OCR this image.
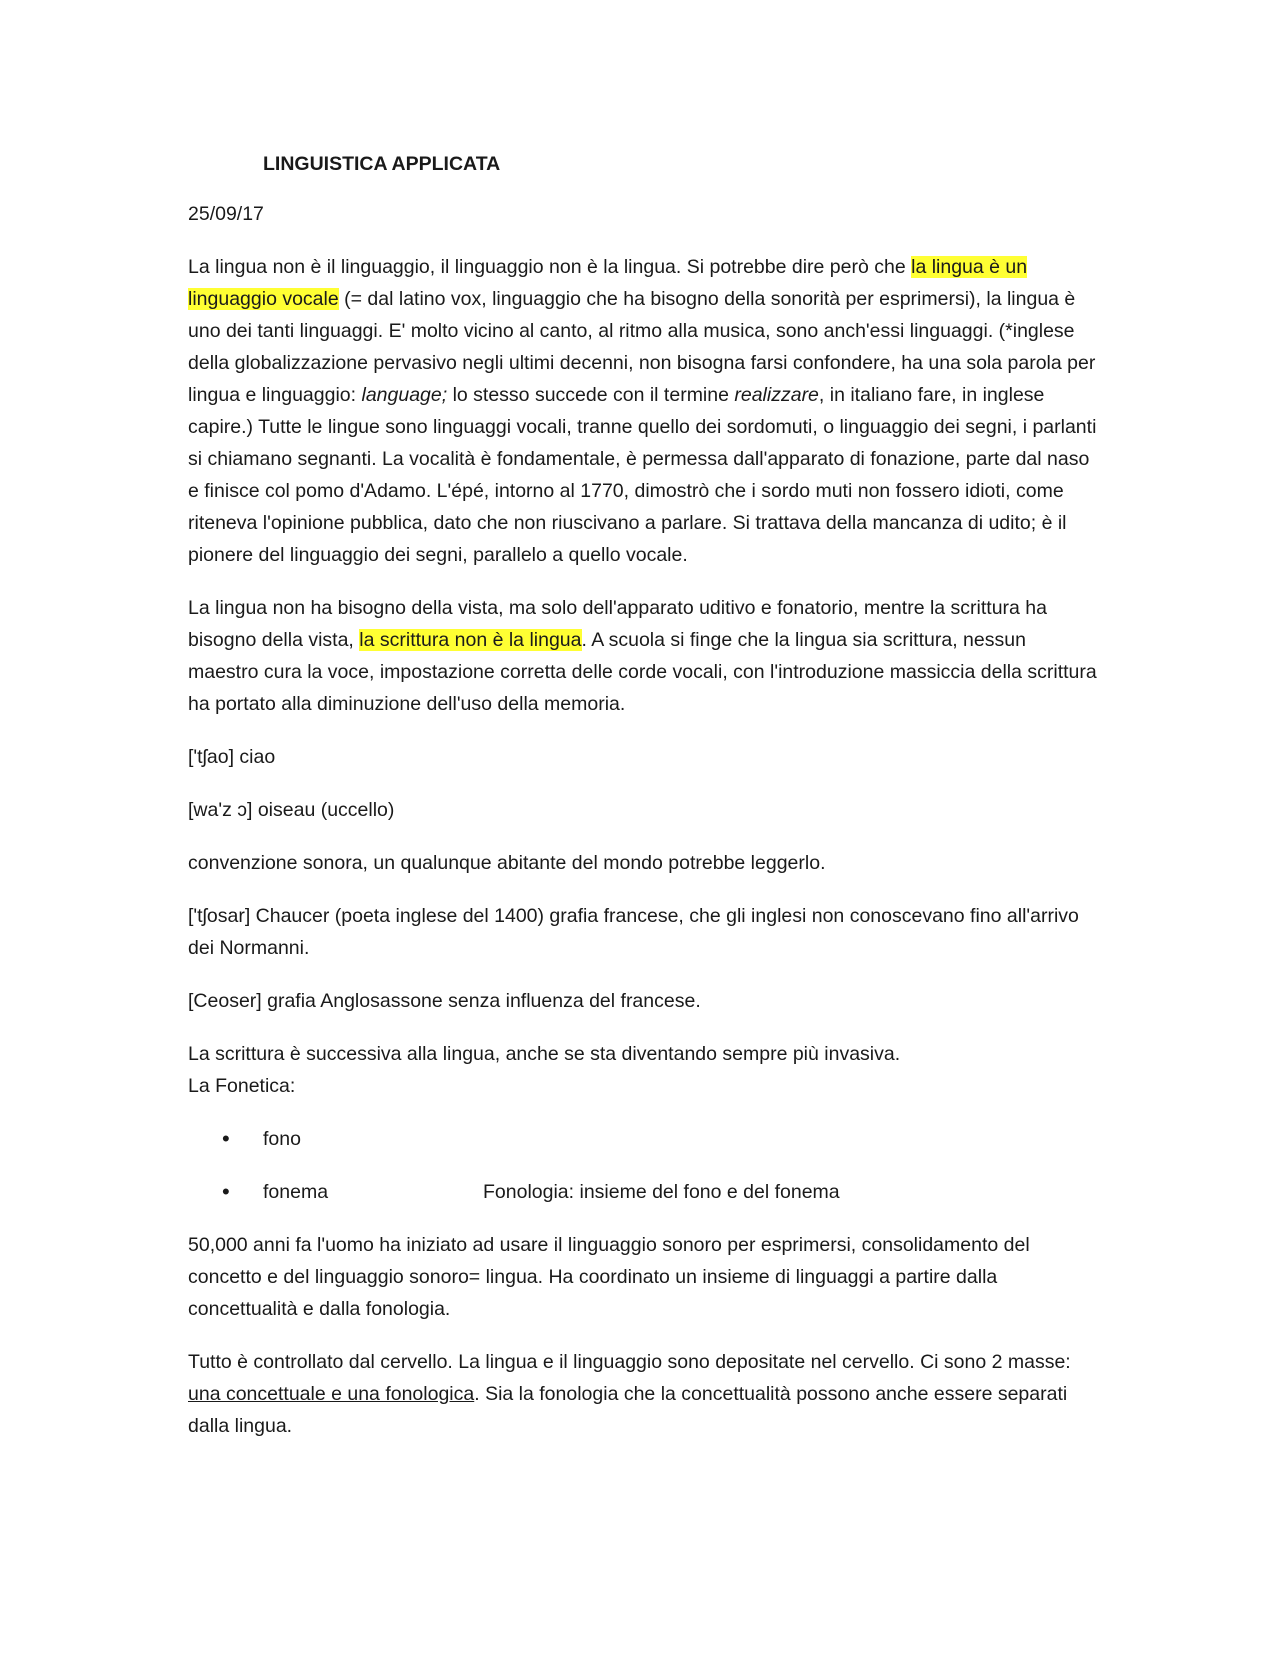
LINGUISTICA APPLICATA

25/09/17

La lingua non è il linguaggio, il linguaggio non è la lingua. Si potrebbe dire però che la lingua è un linguaggio vocale (= dal latino vox, linguaggio che ha bisogno della sonorità per esprimersi), la lingua è uno dei tanti linguaggi. E' molto vicino al canto, al ritmo alla musica, sono anch'essi linguaggi. (*inglese della globalizzazione pervasivo negli ultimi decenni, non bisogna farsi confondere, ha una sola parola per lingua e linguaggio: language; lo stesso succede con il termine realizzare, in italiano fare, in inglese capire.) Tutte le lingue sono linguaggi vocali, tranne quello dei sordomuti, o linguaggio dei segni, i parlanti si chiamano segnanti. La vocalità è fondamentale, è permessa dall'apparato di fonazione, parte dal naso e finisce col pomo d'Adamo. L'épé, intorno al 1770, dimostrò che i sordo muti non fossero idioti, come riteneva l'opinione pubblica, dato che non riuscivano a parlare. Si trattava della mancanza di udito; è il pionere del linguaggio dei segni, parallelo a quello vocale.

La lingua non ha bisogno della vista, ma solo dell'apparato uditivo e fonatorio, mentre la scrittura ha bisogno della vista, la scrittura non è la lingua. A scuola si finge che la lingua sia scrittura, nessun maestro cura la voce, impostazione corretta delle corde vocali, con l'introduzione massiccia della scrittura ha portato alla diminuzione dell'uso della memoria.

['tʃao] ciao

[wa'z ɔ] oiseau (uccello)

convenzione sonora, un qualunque abitante del mondo potrebbe leggerlo.

['tʃosar] Chaucer (poeta inglese del 1400) grafia francese, che gli inglesi non conoscevano fino all'arrivo dei Normanni.

[Ceoser] grafia Anglosassone senza influenza del francese.

La scrittura è successiva alla lingua, anche se sta diventando sempre più invasiva.

La Fonetica:

• fono
• fonema	Fonologia: insieme del fono e del fonema

50,000 anni fa l'uomo ha iniziato ad usare il linguaggio sonoro per esprimersi, consolidamento del concetto e del linguaggio sonoro= lingua. Ha coordinato un insieme di linguaggi a partire dalla concettualità e dalla fonologia.

Tutto è controllato dal cervello. La lingua e il linguaggio sono depositate nel cervello. Ci sono 2 masse: una concettuale e una fonologica. Sia la fonologia che la concettualità possono anche essere separati dalla lingua.
